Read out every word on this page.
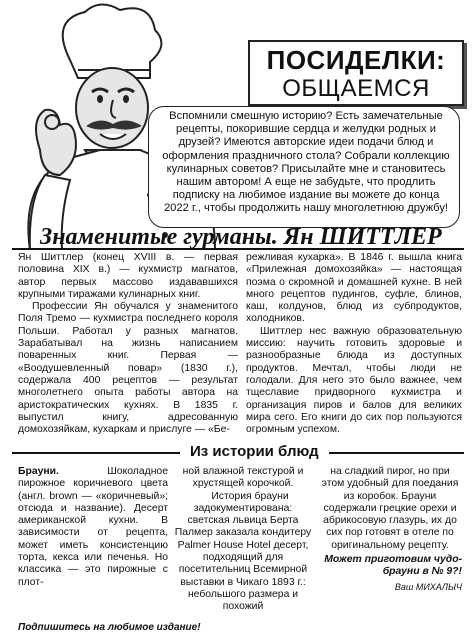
ПОСИДЕЛКИ:
ОБЩАЕМСЯ
Вспомнили смешную историю? Есть замечательные рецепты, покорившие сердца и желудки родных и друзей? Имеются авторские идеи подачи блюд и оформления праздничного стола? Собрали коллекцию кулинарных советов? Присылайте мне и становитесь нашим автором! А еще не забудьте, что продлить подписку на любимое издание вы можете до конца 2022 г., чтобы продолжить нашу многолетнюю дружбу!
Знаменитые гурманы. Ян ШИТТЛЕР

Ян Шиттлер (конец XVIII в. — первая половина XIX в.) — кухмистр магнатов, автор первых массово издававшихся крупными тиражами кулинарных книг.

Профессии Ян обучался у знаменитого Поля Тремо — кухмистра последнего короля Польши. Работал у разных магнатов. Зарабатывал на жизнь написанием поваренных книг. Первая — «Воодушевленный повар» (1830 г.), содержала 400 рецептов — результат многолетнего опыта работы автора на аристократических кухнях. В 1835 г. выпустил книгу, адресованную домохозяйкам, кухаркам и прислуге — «Бе-

режливая кухарка». В 1846 г. вышла книга «Прилежная домохозяйка» — настоящая поэма о скромной и домашней кухне. В ней много рецептов пудингов, суфле, блинов, каш, колдунов, блюд из субпродуктов, холодников.

Шиттлер нес важную образовательную миссию: научить готовить здоровые и разнообразные блюда из доступных продуктов. Мечтал, чтобы люди не голодали. Для него это было важнее, чем тщеславие придворного кухмистра и организация пиров и балов для великих мира сего. Его книги до сих пор пользуются огромным успехом.

Из истории блюд

Брауни. Шоколадное пирожное коричневого цвета (англ. brown — «коричневый»; отсюда и название). Десерт американской кухни. В зависимости от рецепта, может иметь консистенцию торта, кекса или печенья. Но классика — это пирожные с плот-

ной влажной текстурой и хрустящей корочкой.

История брауни задокументирована: светская львица Берта Палмер заказала кондитеру Palmer House Hotel десерт, подходящий для посетительниц Всемирной выставки в Чикаго 1893 г.: небольшого размера и похожий

на сладкий пирог, но при этом удобный для поедания из коробок. Брауни содержали грецкие орехи и абрикосовую глазурь, их до сих пор готовят в отеле по оригинальному рецепту.

Может приготовим чудо-брауни в № 9?!
Ваш МИХАЛЫЧ
Подпишитесь на любимое издание!
